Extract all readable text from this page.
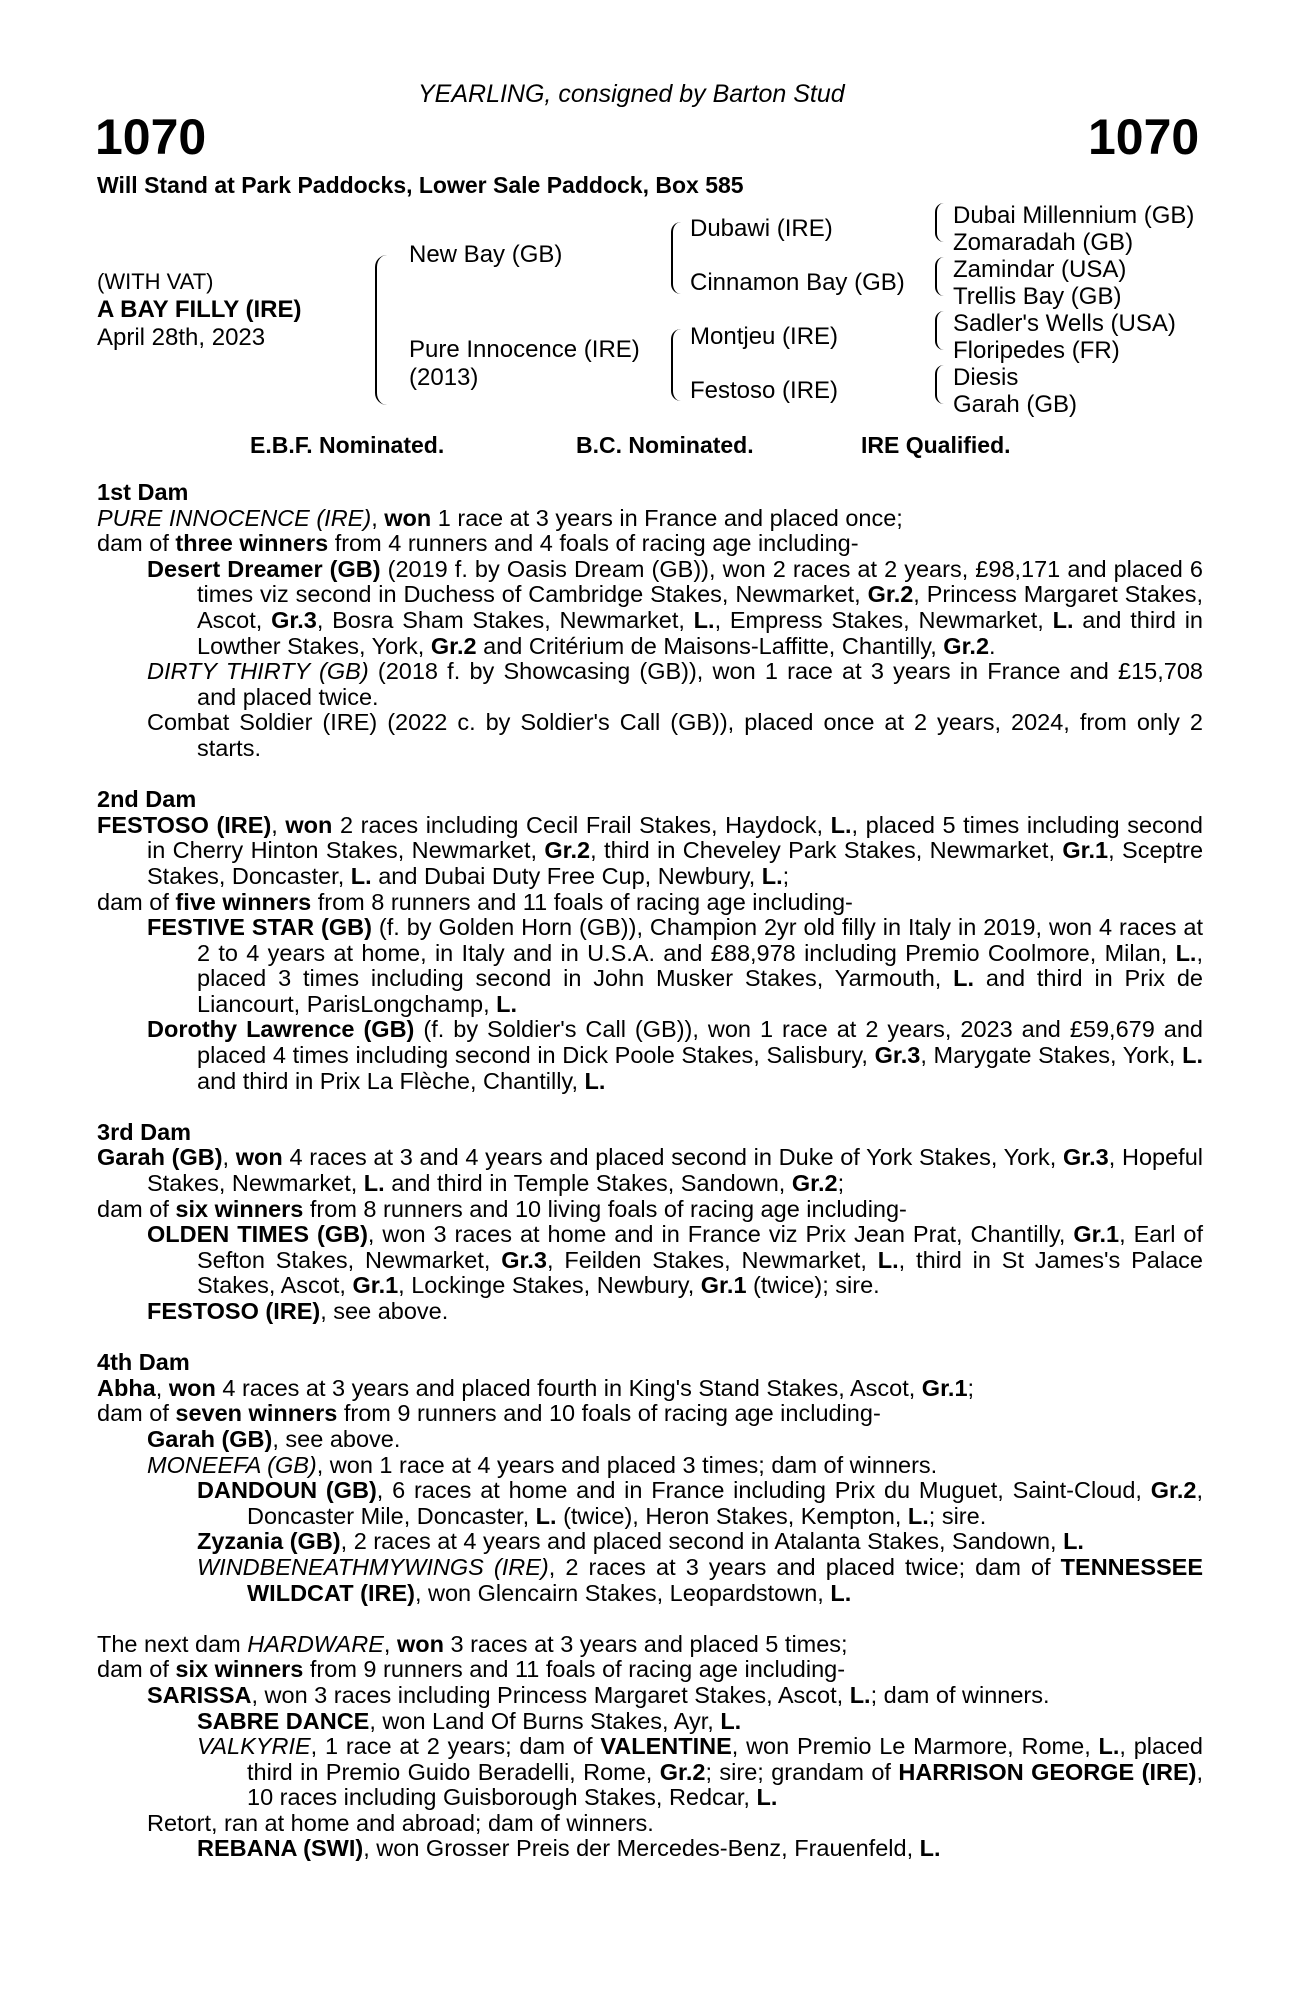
YEARLING, consigned by Barton Stud
1070	1070
Will Stand at Park Paddocks, Lower Sale Paddock, Box 585
(WITH VAT)
A BAY FILLY (IRE)
April 28th, 2023
New Bay (GB)
Pure Innocence (IRE)
(2013)
Dubawi (IRE)
Cinnamon Bay (GB)
Montjeu (IRE)
Festoso (IRE)
Dubai Millennium (GB)
Zomaradah (GB)
Zamindar (USA)
Trellis Bay (GB)
Sadler's Wells (USA)
Floripedes (FR)
Diesis
Garah (GB)
E.B.F. Nominated.	B.C. Nominated.	IRE Qualified.
1st Dam
PURE INNOCENCE (IRE), won 1 race at 3 years in France and placed once;
dam of three winners from 4 runners and 4 foals of racing age including-
Desert Dreamer (GB) (2019 f. by Oasis Dream (GB)), won 2 races at 2 years, £98,171 and placed 6 times viz second in Duchess of Cambridge Stakes, Newmarket, Gr.2, Princess Margaret Stakes, Ascot, Gr.3, Bosra Sham Stakes, Newmarket, L., Empress Stakes, Newmarket, L. and third in Lowther Stakes, York, Gr.2 and Critérium de Maisons-Laffitte, Chantilly, Gr.2.
DIRTY THIRTY (GB) (2018 f. by Showcasing (GB)), won 1 race at 3 years in France and £15,708 and placed twice.
Combat Soldier (IRE) (2022 c. by Soldier's Call (GB)), placed once at 2 years, 2024, from only 2 starts.
2nd Dam
FESTOSO (IRE), won 2 races including Cecil Frail Stakes, Haydock, L., placed 5 times including second in Cherry Hinton Stakes, Newmarket, Gr.2, third in Cheveley Park Stakes, Newmarket, Gr.1, Sceptre Stakes, Doncaster, L. and Dubai Duty Free Cup, Newbury, L.;
dam of five winners from 8 runners and 11 foals of racing age including-
FESTIVE STAR (GB) (f. by Golden Horn (GB)), Champion 2yr old filly in Italy in 2019, won 4 races at 2 to 4 years at home, in Italy and in U.S.A. and £88,978 including Premio Coolmore, Milan, L., placed 3 times including second in John Musker Stakes, Yarmouth, L. and third in Prix de Liancourt, ParisLongchamp, L.
Dorothy Lawrence (GB) (f. by Soldier's Call (GB)), won 1 race at 2 years, 2023 and £59,679 and placed 4 times including second in Dick Poole Stakes, Salisbury, Gr.3, Marygate Stakes, York, L. and third in Prix La Flèche, Chantilly, L.
3rd Dam
Garah (GB), won 4 races at 3 and 4 years and placed second in Duke of York Stakes, York, Gr.3, Hopeful Stakes, Newmarket, L. and third in Temple Stakes, Sandown, Gr.2;
dam of six winners from 8 runners and 10 living foals of racing age including-
OLDEN TIMES (GB), won 3 races at home and in France viz Prix Jean Prat, Chantilly, Gr.1, Earl of Sefton Stakes, Newmarket, Gr.3, Feilden Stakes, Newmarket, L., third in St James's Palace Stakes, Ascot, Gr.1, Lockinge Stakes, Newbury, Gr.1 (twice); sire.
FESTOSO (IRE), see above.
4th Dam
Abha, won 4 races at 3 years and placed fourth in King's Stand Stakes, Ascot, Gr.1;
dam of seven winners from 9 runners and 10 foals of racing age including-
Garah (GB), see above.
MONEEFA (GB), won 1 race at 4 years and placed 3 times; dam of winners.
DANDOUN (GB), 6 races at home and in France including Prix du Muguet, Saint-Cloud, Gr.2, Doncaster Mile, Doncaster, L. (twice), Heron Stakes, Kempton, L.; sire.
Zyzania (GB), 2 races at 4 years and placed second in Atalanta Stakes, Sandown, L.
WINDBENEATHMYWINGS (IRE), 2 races at 3 years and placed twice; dam of TENNESSEE WILDCAT (IRE), won Glencairn Stakes, Leopardstown, L.
The next dam HARDWARE, won 3 races at 3 years and placed 5 times;
dam of six winners from 9 runners and 11 foals of racing age including-
SARISSA, won 3 races including Princess Margaret Stakes, Ascot, L.; dam of winners.
SABRE DANCE, won Land Of Burns Stakes, Ayr, L.
VALKYRIE, 1 race at 2 years; dam of VALENTINE, won Premio Le Marmore, Rome, L., placed third in Premio Guido Beradelli, Rome, Gr.2; sire; grandam of HARRISON GEORGE (IRE), 10 races including Guisborough Stakes, Redcar, L.
Retort, ran at home and abroad; dam of winners.
REBANA (SWI), won Grosser Preis der Mercedes-Benz, Frauenfeld, L.
